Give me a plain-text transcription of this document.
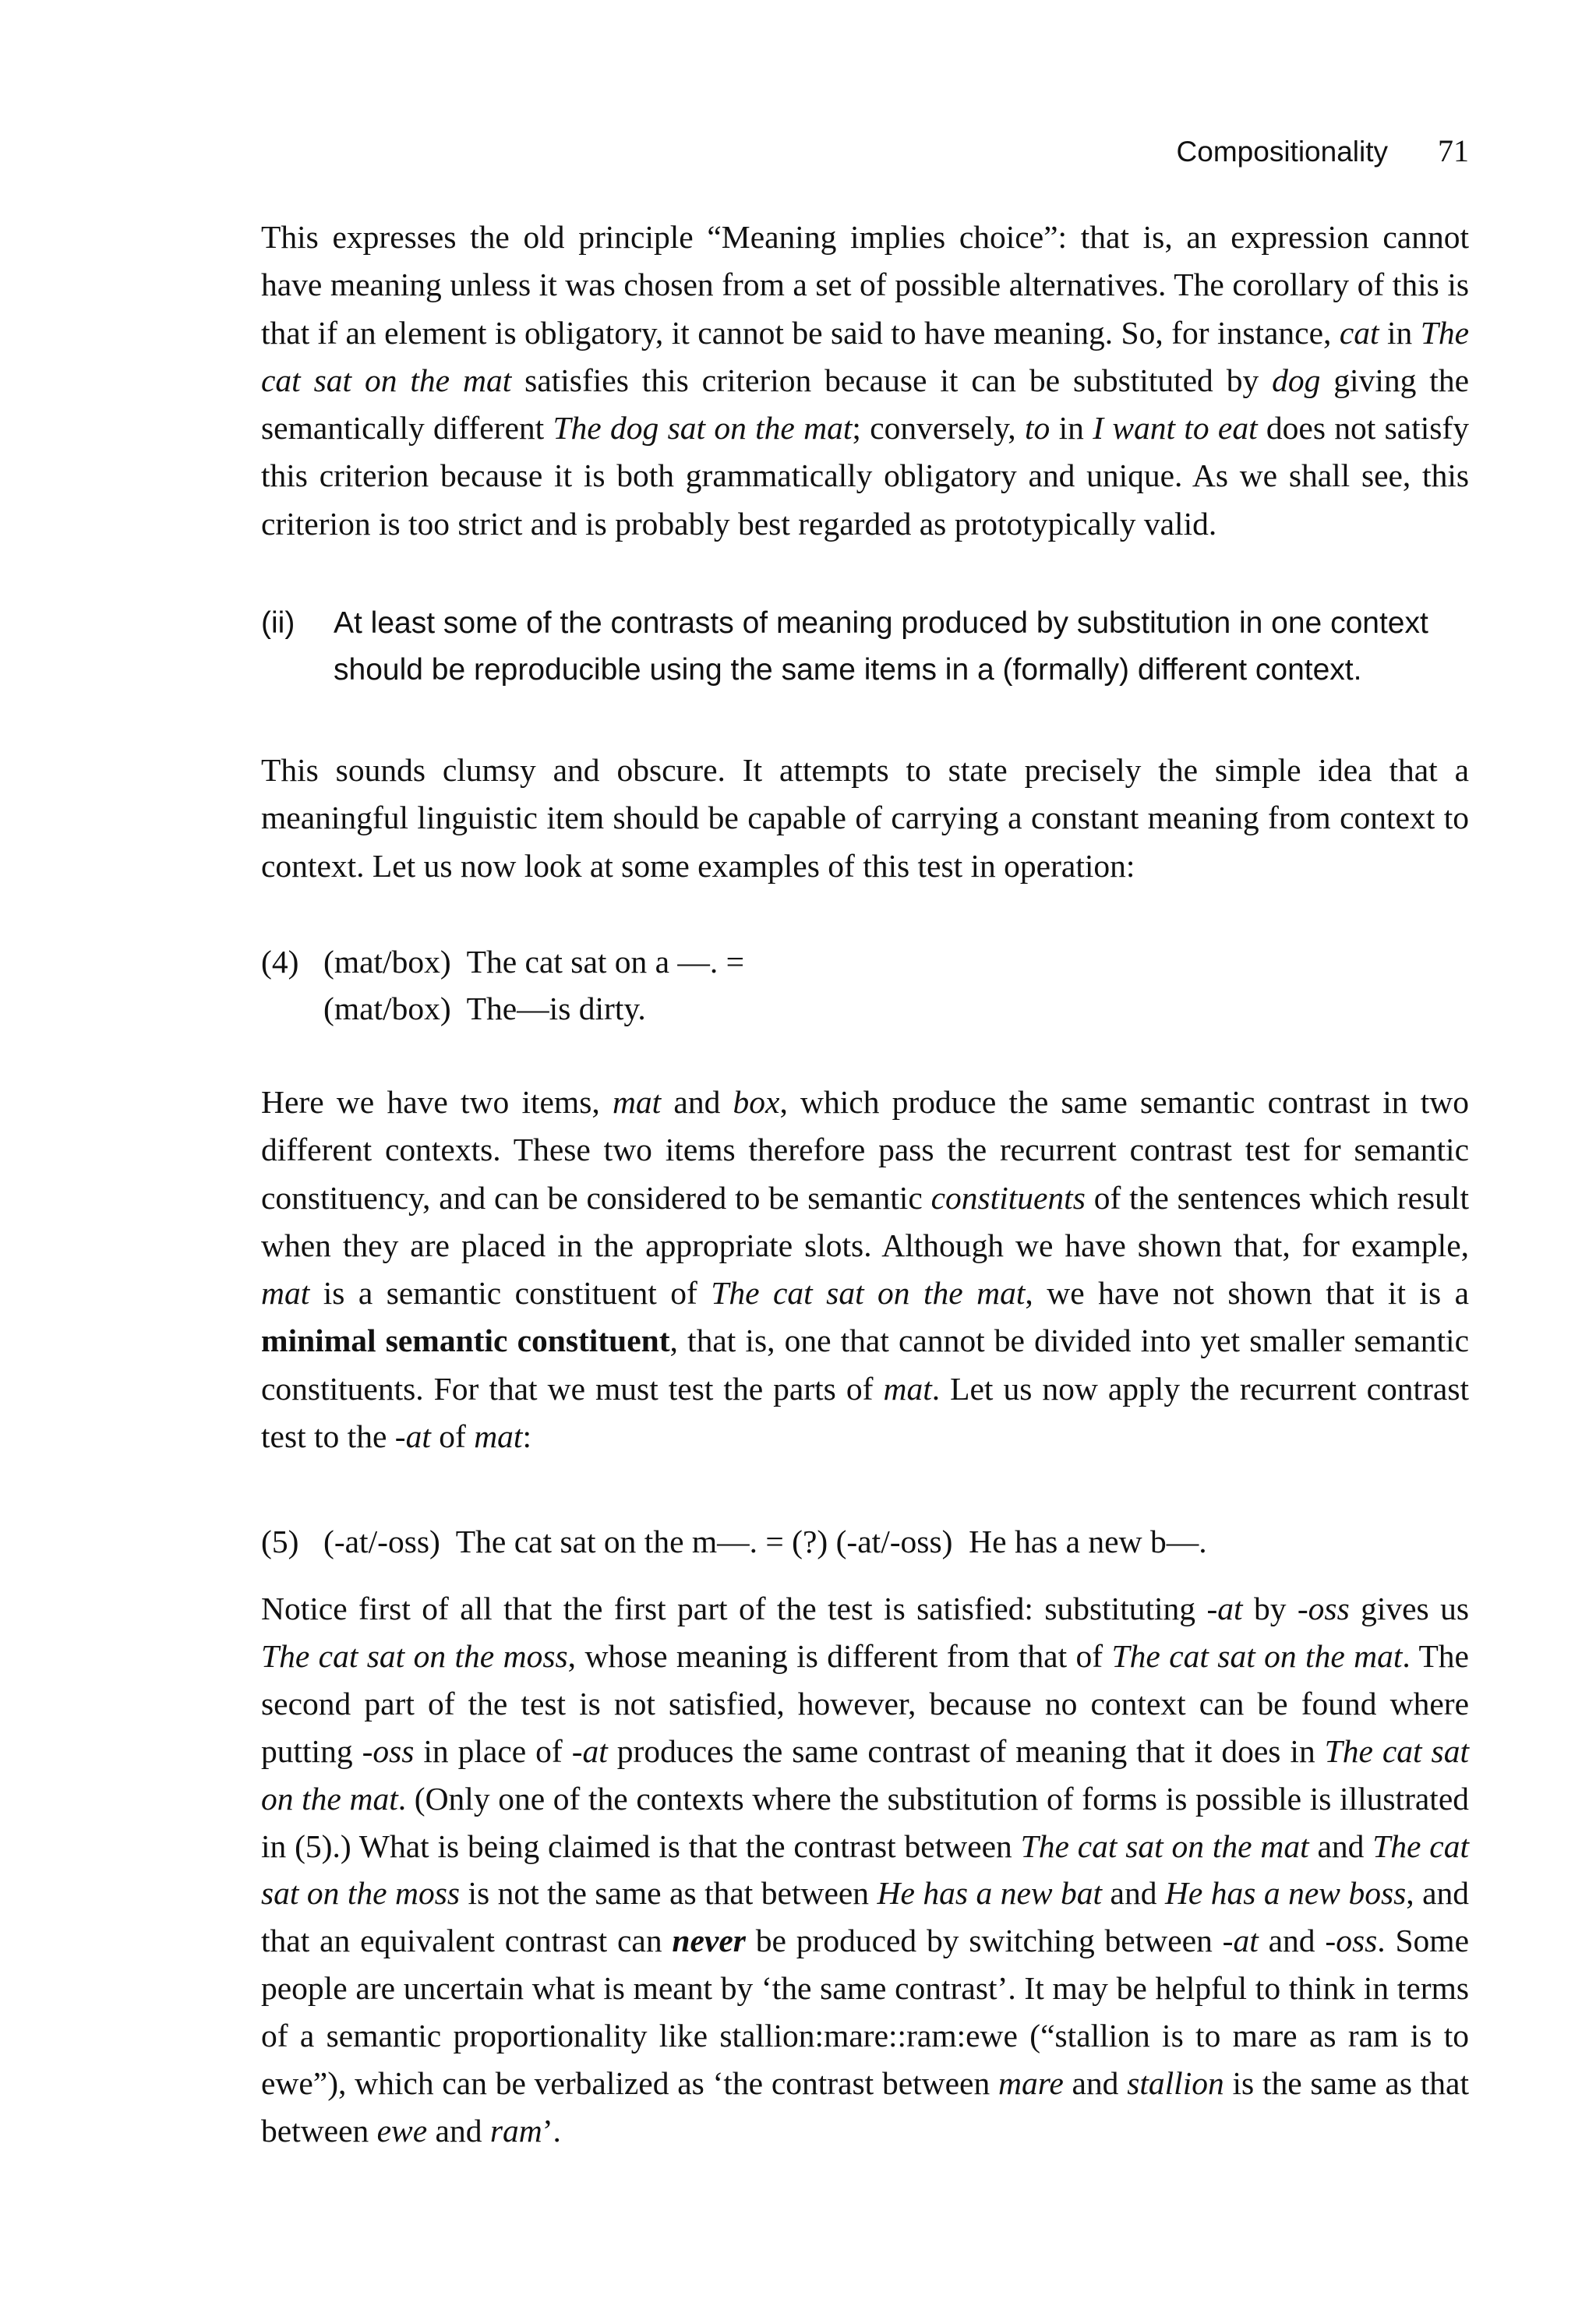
Compositionality 71

This expresses the old principle “Meaning implies choice”: that is, an expression cannot have meaning unless it was chosen from a set of possible alternatives. The corollary of this is that if an element is obligatory, it cannot be said to have meaning. So, for instance, cat in The cat sat on the mat satisfies this criterion because it can be substituted by dog giving the semantically different The dog sat on the mat; conversely, to in I want to eat does not satisfy this criterion because it is both grammatically obligatory and unique. As we shall see, this criterion is too strict and is probably best regarded as prototypically valid.

(ii) At least some of the contrasts of meaning produced by substitution in one context should be reproducible using the same items in a (formally) different context.

This sounds clumsy and obscure. It attempts to state precisely the simple idea that a meaningful linguistic item should be capable of carrying a constant meaning from context to context. Let us now look at some examples of this test in operation:

(4) (mat/box)  The cat sat on a —. =
(mat/box)  The—is dirty.

Here we have two items, mat and box, which produce the same semantic contrast in two different contexts. These two items therefore pass the recurrent contrast test for semantic constituency, and can be considered to be semantic constituents of the sentences which result when they are placed in the appropriate slots. Although we have shown that, for example, mat is a semantic constituent of The cat sat on the mat, we have not shown that it is a minimal semantic constituent, that is, one that cannot be divided into yet smaller semantic constituents. For that we must test the parts of mat. Let us now apply the recurrent contrast test to the -at of mat:

(5) (-at/-oss)  The cat sat on the m—. = (?) (-at/-oss)  He has a new b—.

Notice first of all that the first part of the test is satisfied: substituting -at by -oss gives us The cat sat on the moss, whose meaning is different from that of The cat sat on the mat. The second part of the test is not satisfied, however, because no context can be found where putting -oss in place of -at produces the same contrast of meaning that it does in The cat sat on the mat. (Only one of the contexts where the substitution of forms is possible is illustrated in (5).) What is being claimed is that the contrast between The cat sat on the mat and The cat sat on the moss is not the same as that between He has a new bat and He has a new boss, and that an equivalent contrast can never be produced by switching between -at and -oss. Some people are uncertain what is meant by ‘the same contrast’. It may be helpful to think in terms of a semantic proportionality like stallion:mare::ram:ewe (“stallion is to mare as ram is to ewe”), which can be verbalized as ‘the contrast between mare and stallion is the same as that between ewe and ram’.
